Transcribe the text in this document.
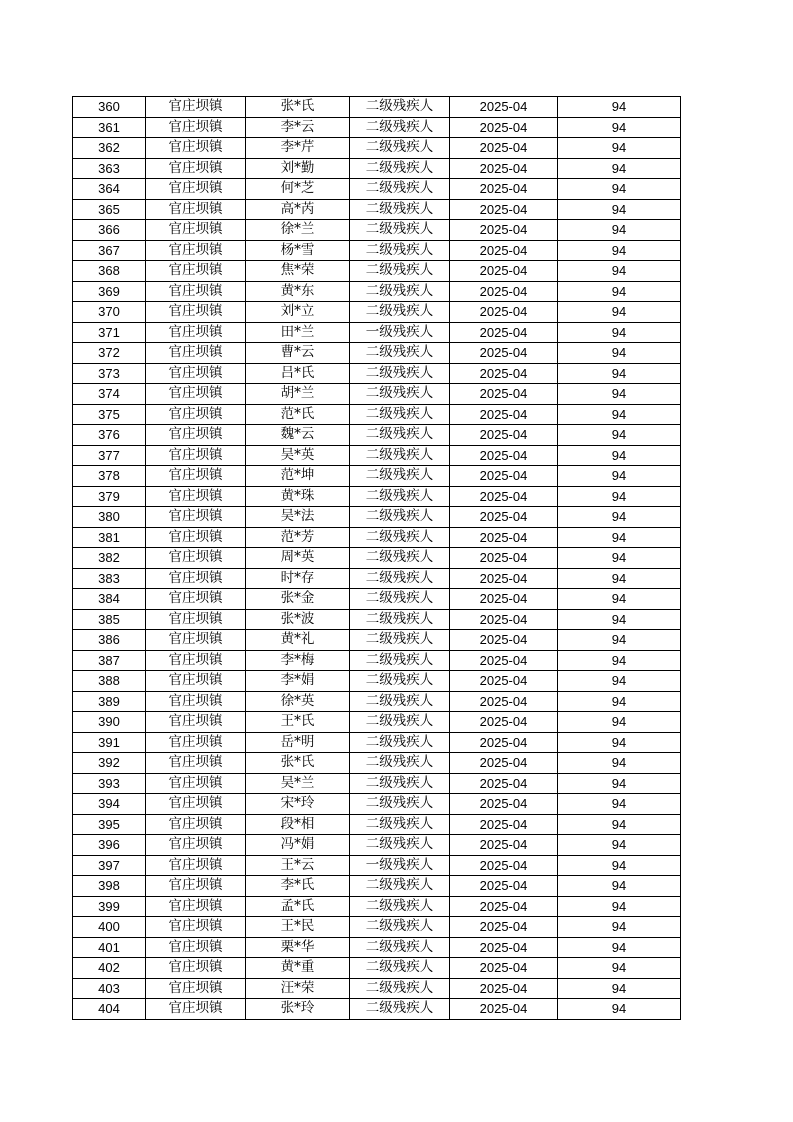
360	官庄坝镇	张*氏	二级残疾人	2025-04	94
361	官庄坝镇	李*云	二级残疾人	2025-04	94
362	官庄坝镇	李*芹	二级残疾人	2025-04	94
363	官庄坝镇	刘*勤	二级残疾人	2025-04	94
364	官庄坝镇	何*芝	二级残疾人	2025-04	94
365	官庄坝镇	高*芮	二级残疾人	2025-04	94
366	官庄坝镇	徐*兰	二级残疾人	2025-04	94
367	官庄坝镇	杨*雪	二级残疾人	2025-04	94
368	官庄坝镇	焦*荣	二级残疾人	2025-04	94
369	官庄坝镇	黄*东	二级残疾人	2025-04	94
370	官庄坝镇	刘*立	二级残疾人	2025-04	94
371	官庄坝镇	田*兰	一级残疾人	2025-04	94
372	官庄坝镇	曹*云	二级残疾人	2025-04	94
373	官庄坝镇	吕*氏	二级残疾人	2025-04	94
374	官庄坝镇	胡*兰	二级残疾人	2025-04	94
375	官庄坝镇	范*氏	二级残疾人	2025-04	94
376	官庄坝镇	魏*云	二级残疾人	2025-04	94
377	官庄坝镇	吴*英	二级残疾人	2025-04	94
378	官庄坝镇	范*坤	二级残疾人	2025-04	94
379	官庄坝镇	黄*珠	二级残疾人	2025-04	94
380	官庄坝镇	吴*法	二级残疾人	2025-04	94
381	官庄坝镇	范*芳	二级残疾人	2025-04	94
382	官庄坝镇	周*英	二级残疾人	2025-04	94
383	官庄坝镇	时*存	二级残疾人	2025-04	94
384	官庄坝镇	张*金	二级残疾人	2025-04	94
385	官庄坝镇	张*波	二级残疾人	2025-04	94
386	官庄坝镇	黄*礼	二级残疾人	2025-04	94
387	官庄坝镇	李*梅	二级残疾人	2025-04	94
388	官庄坝镇	李*娟	二级残疾人	2025-04	94
389	官庄坝镇	徐*英	二级残疾人	2025-04	94
390	官庄坝镇	王*氏	二级残疾人	2025-04	94
391	官庄坝镇	岳*明	二级残疾人	2025-04	94
392	官庄坝镇	张*氏	二级残疾人	2025-04	94
393	官庄坝镇	吴*兰	二级残疾人	2025-04	94
394	官庄坝镇	宋*玲	二级残疾人	2025-04	94
395	官庄坝镇	段*相	二级残疾人	2025-04	94
396	官庄坝镇	冯*娟	二级残疾人	2025-04	94
397	官庄坝镇	王*云	一级残疾人	2025-04	94
398	官庄坝镇	李*氏	二级残疾人	2025-04	94
399	官庄坝镇	孟*氏	二级残疾人	2025-04	94
400	官庄坝镇	王*民	二级残疾人	2025-04	94
401	官庄坝镇	栗*华	二级残疾人	2025-04	94
402	官庄坝镇	黄*重	二级残疾人	2025-04	94
403	官庄坝镇	汪*荣	二级残疾人	2025-04	94
404	官庄坝镇	张*玲	二级残疾人	2025-04	94
